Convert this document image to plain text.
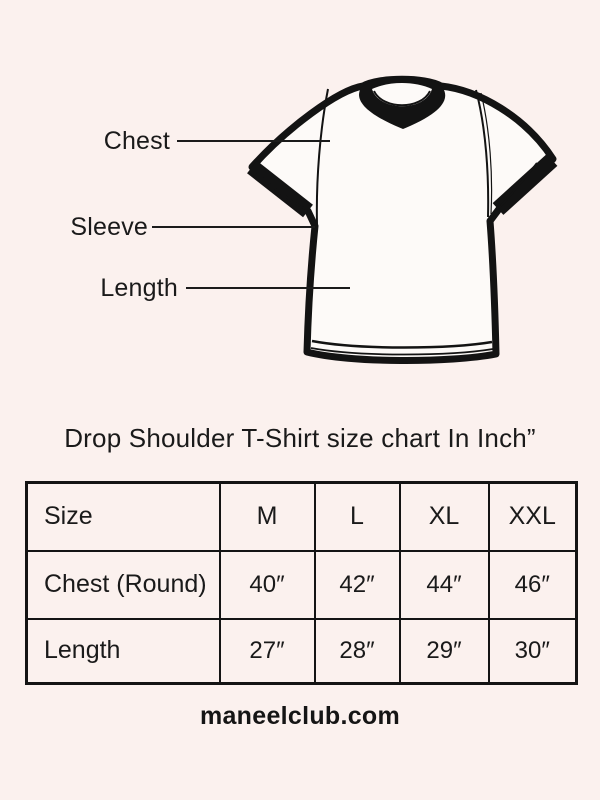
Chest
Sleeve
Length
Drop Shoulder T-Shirt size chart In Inch”
Size	M	L	XL	XXL
Chest (Round)	40″	42″	44″	46″
Length	27″	28″	29″	30″
maneelclub.com
